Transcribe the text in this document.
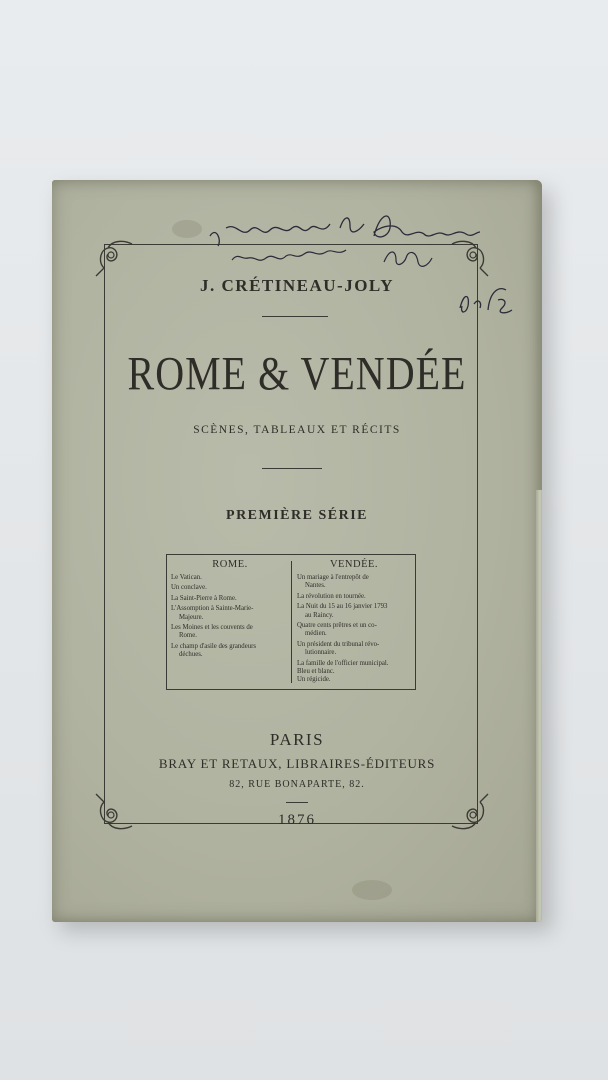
J. CRÉTINEAU-JOLY
ROME & VENDÉE
SCÈNES, TABLEAUX ET RÉCITS
PREMIÈRE SÉRIE
ROME.
Le Vatican.
Un conclave.
La Saint-Pierre à Rome.
L'Assomption à Sainte-Marie-
Majeure.
Les Moines et les couvents de
Rome.
Le champ d'asile des grandeurs
déchues.
VENDÉE.
Un mariage à l'entrepôt de
Nantes.
La révolution en tournée.
La Nuit du 15 au 16 janvier 1793
au Raincy.
Quatre cents prêtres et un co-
médien.
Un président du tribunal révo-
lutionnaire.
La famille de l'officier municipal.
Bleu et blanc.
Un régicide.
PARIS
BRAY ET RETAUX, LIBRAIRES-ÉDITEURS
82, RUE BONAPARTE, 82.
1876
